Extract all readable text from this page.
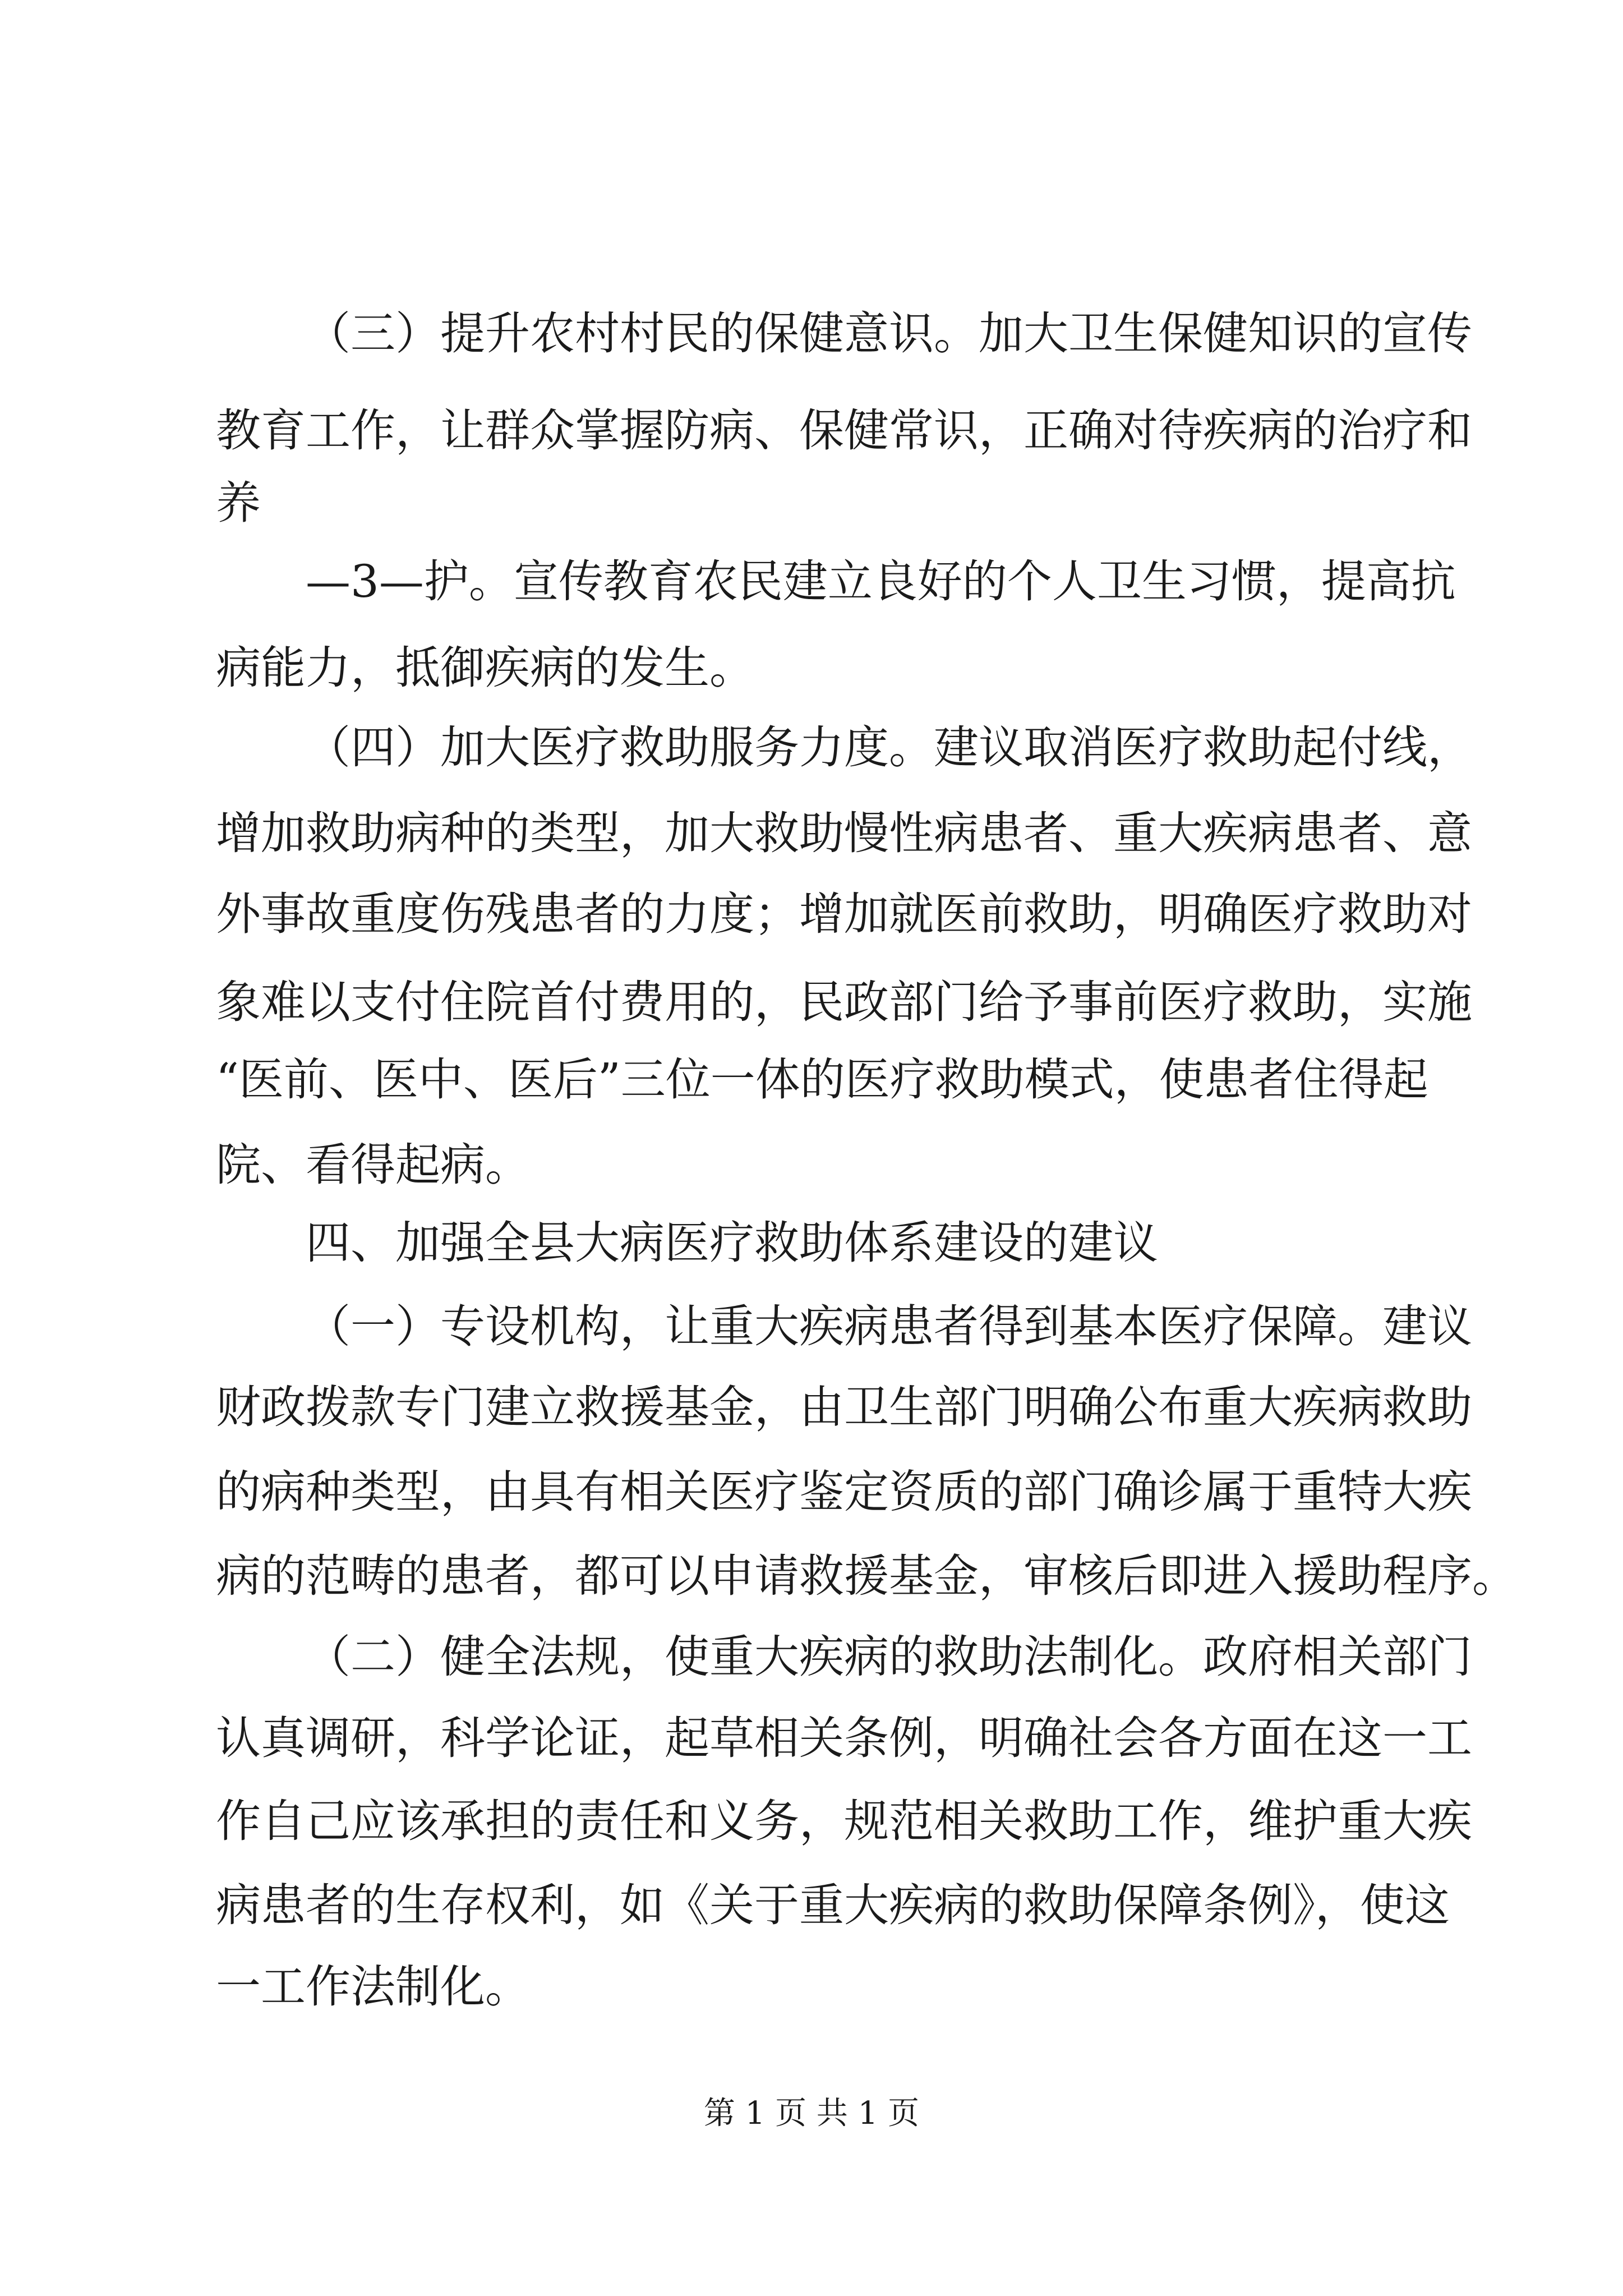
（三）提升农村村民的保健意识。加大卫生保健知识的宣传
教育工作，让群众掌握防病、保健常识，正确对待疾病的治疗和
养
—3—护。宣传教育农民建立良好的个人卫生习惯，提高抗
病能力，抵御疾病的发生。
（四）加大医疗救助服务力度。建议取消医疗救助起付线，
增加救助病种的类型，加大救助慢性病患者、重大疾病患者、意
外事故重度伤残患者的力度；增加就医前救助，明确医疗救助对
象难以支付住院首付费用的，民政部门给予事前医疗救助，实施
“医前、医中、医后”三位一体的医疗救助模式，使患者住得起
院、看得起病。
四、加强全县大病医疗救助体系建设的建议
（一）专设机构，让重大疾病患者得到基本医疗保障。建议
财政拨款专门建立救援基金，由卫生部门明确公布重大疾病救助
的病种类型，由具有相关医疗鉴定资质的部门确诊属于重特大疾
病的范畴的患者，都可以申请救援基金，审核后即进入援助程序。
（二）健全法规，使重大疾病的救助法制化。政府相关部门
认真调研，科学论证，起草相关条例，明确社会各方面在这一工
作自己应该承担的责任和义务，规范相关救助工作，维护重大疾
病患者的生存权利，如《关于重大疾病的救助保障条例》，使这
一工作法制化。
第 1 页 共 1 页
